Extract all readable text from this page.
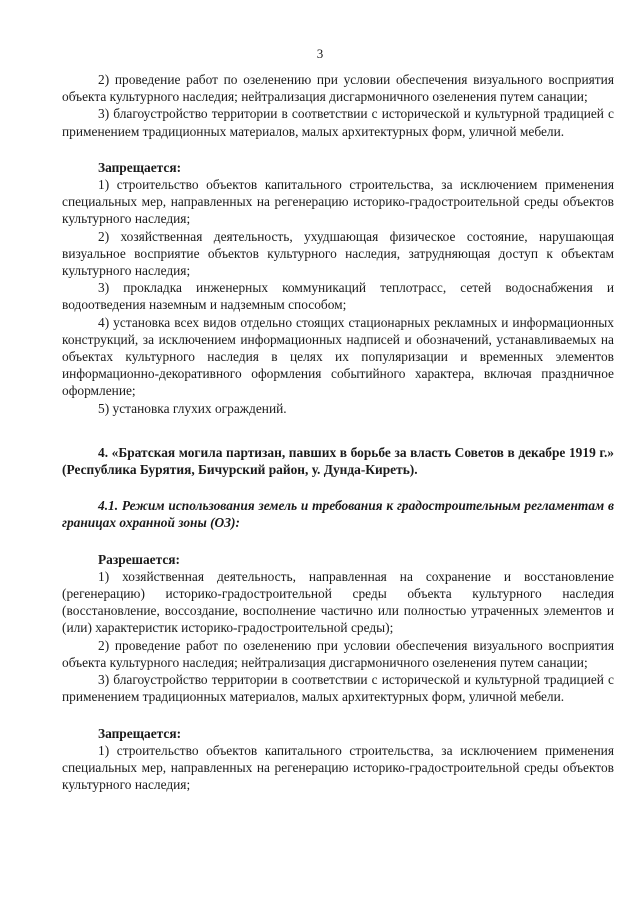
3

2) проведение работ по озеленению при условии обеспечения визуального восприятия объекта культурного наследия; нейтрализация дисгармоничного озеленения путем санации;

3) благоустройство территории в соответствии с исторической и культурной традицией с применением традиционных материалов, малых архитектурных форм, уличной мебели.

Запрещается:

1) строительство объектов капитального строительства, за исключением применения специальных мер, направленных на регенерацию историко-градостроительной среды объектов культурного наследия;

2) хозяйственная деятельность, ухудшающая физическое состояние, нарушающая визуальное восприятие объектов культурного наследия, затрудняющая доступ к объектам культурного наследия;

3) прокладка инженерных коммуникаций теплотрасс, сетей водоснабжения и водоотведения наземным и надземным способом;

4) установка всех видов отдельно стоящих стационарных рекламных и информационных конструкций, за исключением информационных надписей и обозначений, устанавливаемых на объектах культурного наследия в целях их популяризации и временных элементов информационно-декоративного оформления событийного характера, включая праздничное оформление;

5) установка глухих ограждений.

4. «Братская могила партизан, павших в борьбе за власть Советов в декабре 1919 г.» (Республика Бурятия, Бичурский район, у. Дунда-Киреть).

4.1. Режим использования земель и требования к градостроительным регламентам в границах охранной зоны (ОЗ):

Разрешается:

1) хозяйственная деятельность, направленная на сохранение и восстановление (регенерацию) историко-градостроительной среды объекта культурного наследия (восстановление, воссоздание, восполнение частично или полностью утраченных элементов и (или) характеристик историко-градостроительной среды);

2) проведение работ по озеленению при условии обеспечения визуального восприятия объекта культурного наследия; нейтрализация дисгармоничного озеленения путем санации;

3) благоустройство территории в соответствии с исторической и культурной традицией с применением традиционных материалов, малых архитектурных форм, уличной мебели.

Запрещается:

1) строительство объектов капитального строительства, за исключением применения специальных мер, направленных на регенерацию историко-градостроительной среды объектов культурного наследия;
